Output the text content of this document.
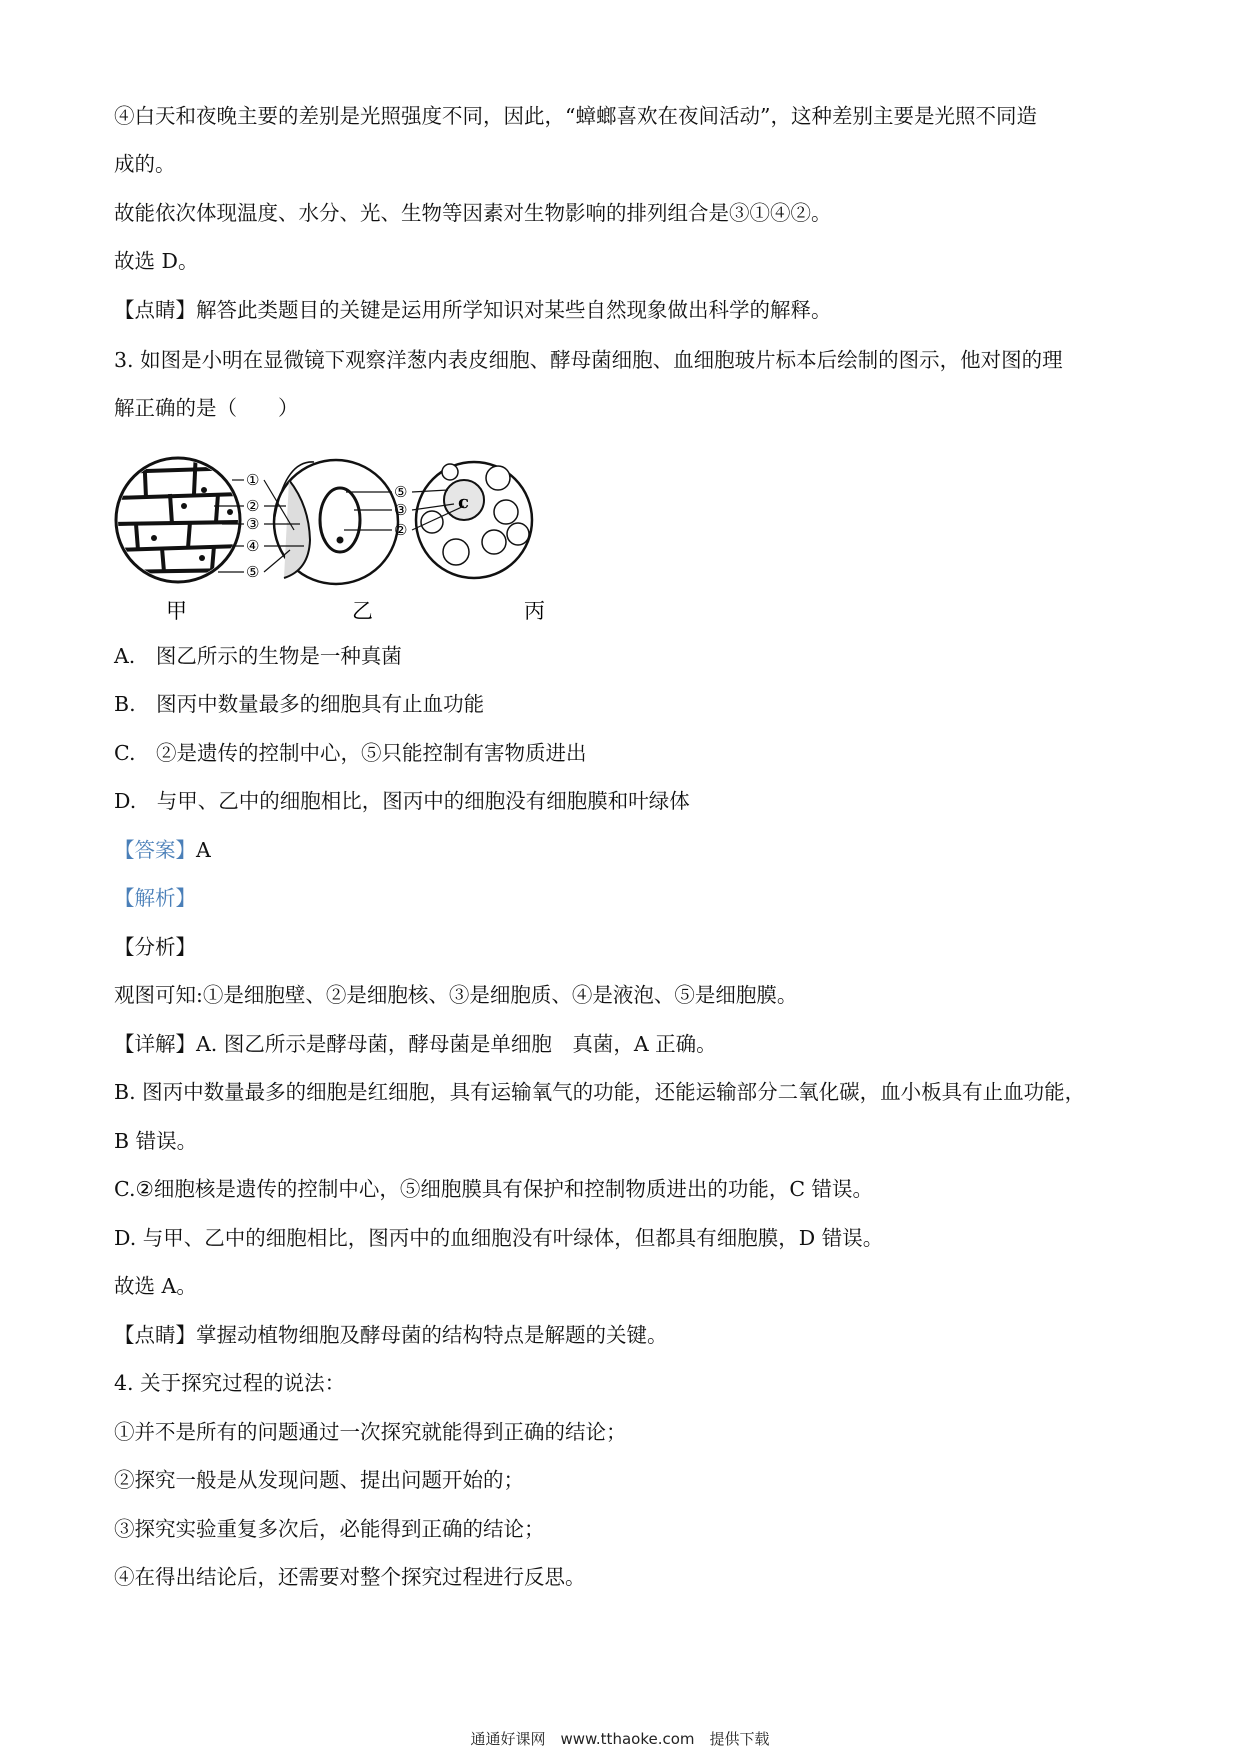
④白天和夜晚主要的差别是光照强度不同，因此，“蟑螂喜欢在夜间活动”，这种差别主要是光照不同造
成的。
故能依次体现温度、水分、光、生物等因素对生物影响的排列组合是③①④②。
故选 D。
【点睛】解答此类题目的关键是运用所学知识对某些自然现象做出科学的解释。
3. 如图是小明在显微镜下观察洋葱内表皮细胞、酵母菌细胞、血细胞玻片标本后绘制的图示，他对图的理
解正确的是（　　）
c
①
②
③
④
⑤
⑤
③
②
甲	乙	丙
A.　图乙所示的生物是一种真菌
B.　图丙中数量最多的细胞具有止血功能
C.　②是遗传的控制中心，⑤只能控制有害物质进出
D.　与甲、乙中的细胞相比，图丙中的细胞没有细胞膜和叶绿体
【答案】A
【解析】
【分析】
观图可知:①是细胞壁、②是细胞核、③是细胞质、④是液泡、⑤是细胞膜。
【详解】A. 图乙所示是酵母菌，酵母菌是单细胞　真菌，A 正确。
B. 图丙中数量最多的细胞是红细胞，具有运输氧气的功能，还能运输部分二氧化碳，血小板具有止血功能，
B 错误。
C.②细胞核是遗传的控制中心，⑤细胞膜具有保护和控制物质进出的功能，C 错误。
D. 与甲、乙中的细胞相比，图丙中的血细胞没有叶绿体，但都具有细胞膜，D 错误。
故选 A。
【点睛】掌握动植物细胞及酵母菌的结构特点是解题的关键。
4. 关于探究过程的说法：
①并不是所有的问题通过一次探究就能得到正确的结论；
②探究一般是从发现问题、提出问题开始的；
③探究实验重复多次后，必能得到正确的结论；
④在得出结论后，还需要对整个探究过程进行反思。
通通好课网　www.tthaoke.com　提供下载
